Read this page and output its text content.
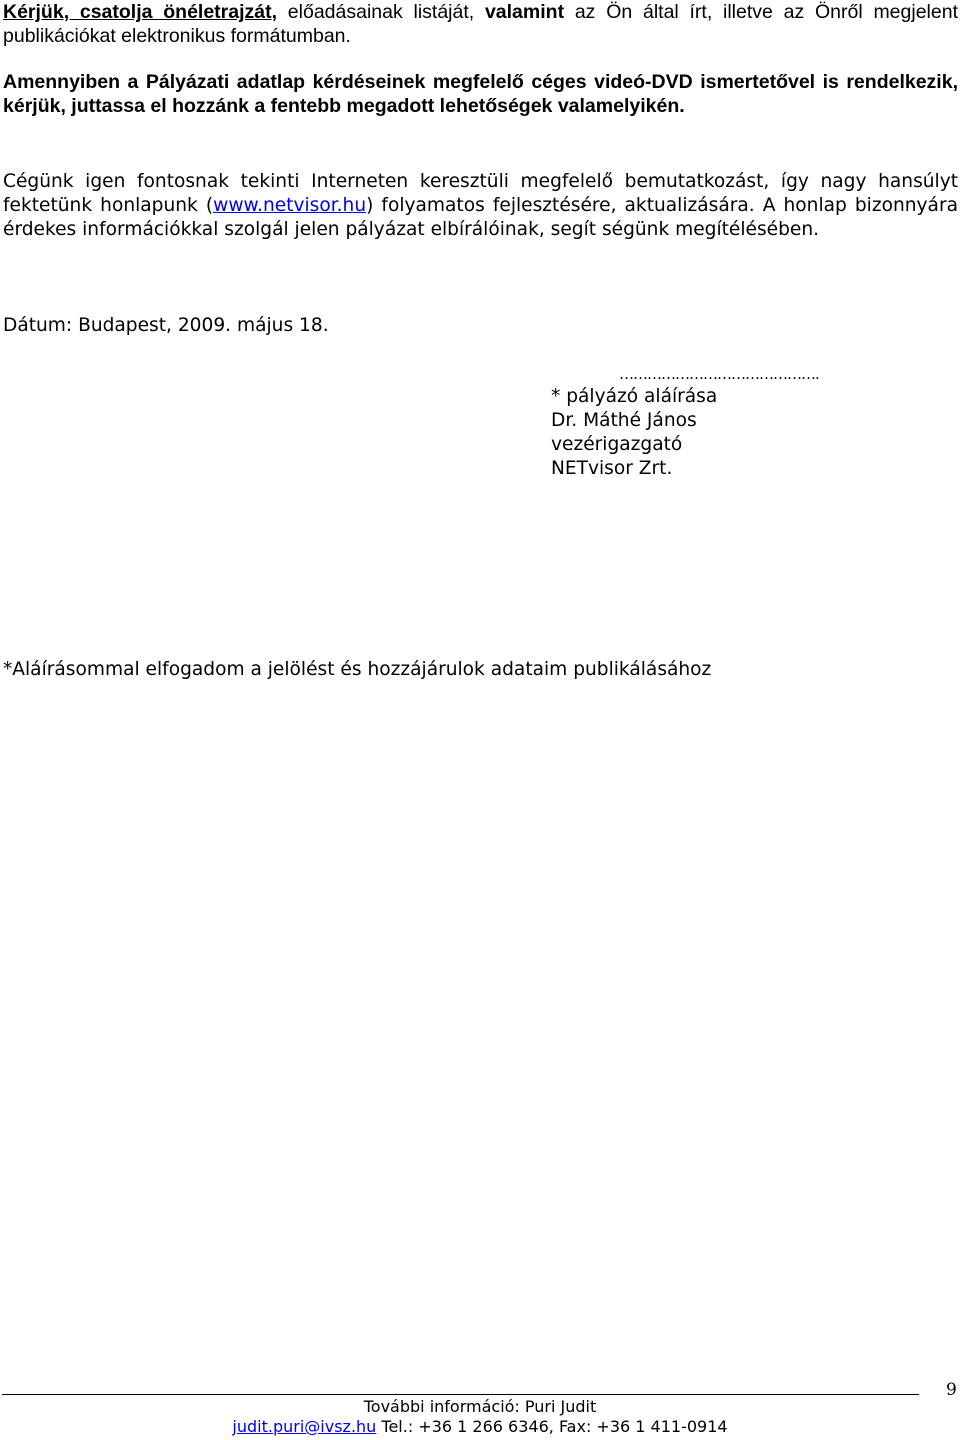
Kérjük, csatolja önéletrajzát, előadásainak listáját, valamint az Ön által írt, illetve az Önről megjelent publikációkat elektronikus formátumban.
Amennyiben a Pályázati adatlap kérdéseinek megfelelő céges videó-DVD ismertetővel is rendelkezik, kérjük, juttassa el hozzánk a fentebb megadott lehetőségek valamelyikén.
Cégünk igen fontosnak tekinti Interneten keresztüli megfelelő bemutatkozást, így nagy hansúlyt fektetünk honlapunk (www.netvisor.hu) folyamatos fejlesztésére, aktualizására. A honlap bizonnyára érdekes információkkal szolgál jelen pályázat elbírálóinak, segít ségünk megítélésében.
Dátum: Budapest, 2009. május 18.
…………………………………….
* pályázó aláírása
Dr. Máthé János
vezérigazgató
NETvisor Zrt.
*Aláírásommal elfogadom a jelölést és hozzájárulok adataim publikálásához
További információ: Puri Judit
judit.puri@ivsz.hu Tel.: +36 1 266 6346, Fax: +36 1 411-0914
9
